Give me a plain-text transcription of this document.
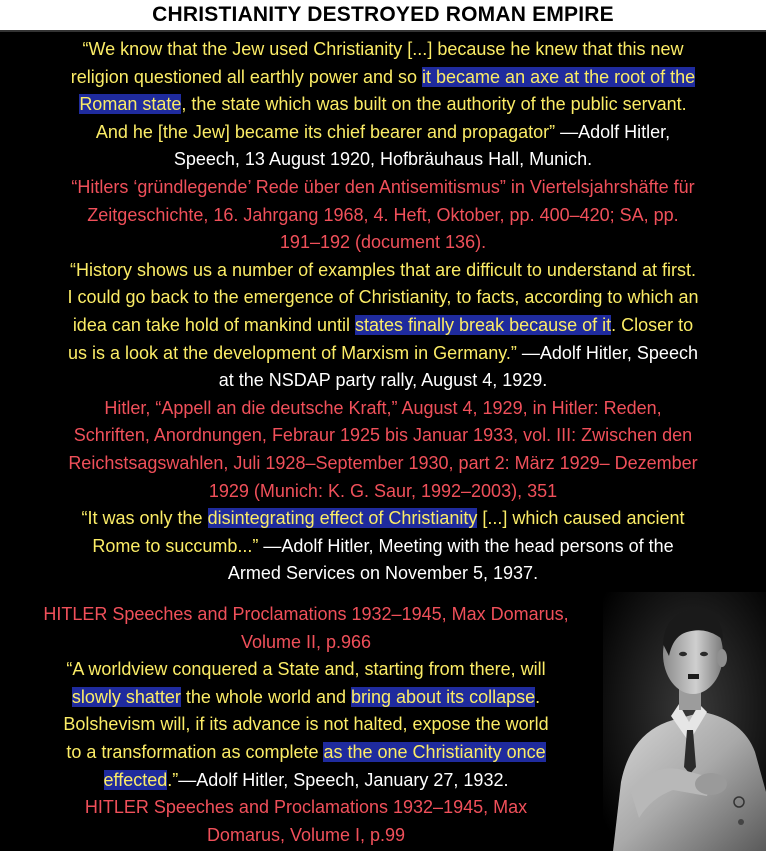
CHRISTIANITY DESTROYED ROMAN EMPIRE
“We know that the Jew used Christianity [...] because he knew that this new
religion questioned all earthly power and so it became an axe at the root of the
Roman state, the state which was built on the authority of the public servant.
And he [the Jew] became its chief bearer and propagator” —Adolf Hitler,
Speech, 13 August 1920, Hofbräuhaus Hall, Munich.
“Hitlers ‘gründlegende’ Rede über den Antisemitismus” in Viertelsjahrshäfte für
Zeitgeschichte, 16. Jahrgang 1968, 4. Heft, Oktober, pp. 400–420; SA, pp.
191–192 (document 136).
“History shows us a number of examples that are difficult to understand at first.
I could go back to the emergence of Christianity, to facts, according to which an
idea can take hold of mankind until states finally break because of it. Closer to
us is a look at the development of Marxism in Germany.” —Adolf Hitler, Speech
at the NSDAP party rally, August 4, 1929.
Hitler, “Appell an die deutsche Kraft,” August 4, 1929, in Hitler: Reden,
Schriften, Anordnungen, Febraur 1925 bis Januar 1933, vol. III: Zwischen den
Reichstsagswahlen, Juli 1928–September 1930, part 2: März 1929– Dezember
1929 (Munich: K. G. Saur, 1992–2003), 351
“It was only the disintegrating effect of Christianity [...] which caused ancient
Rome to succumb...” —Adolf Hitler, Meeting with the head persons of the
Armed Services on November 5, 1937.
HITLER Speeches and Proclamations 1932–1945, Max Domarus,
Volume II, p.966
“A worldview conquered a State and, starting from there, will
slowly shatter the whole world and bring about its collapse.
Bolshevism will, if its advance is not halted, expose the world
to a transformation as complete as the one Christianity once
effected.”—Adolf Hitler, Speech, January 27, 1932.
HITLER Speeches and Proclamations 1932–1945, Max
Domarus, Volume I, p.99
